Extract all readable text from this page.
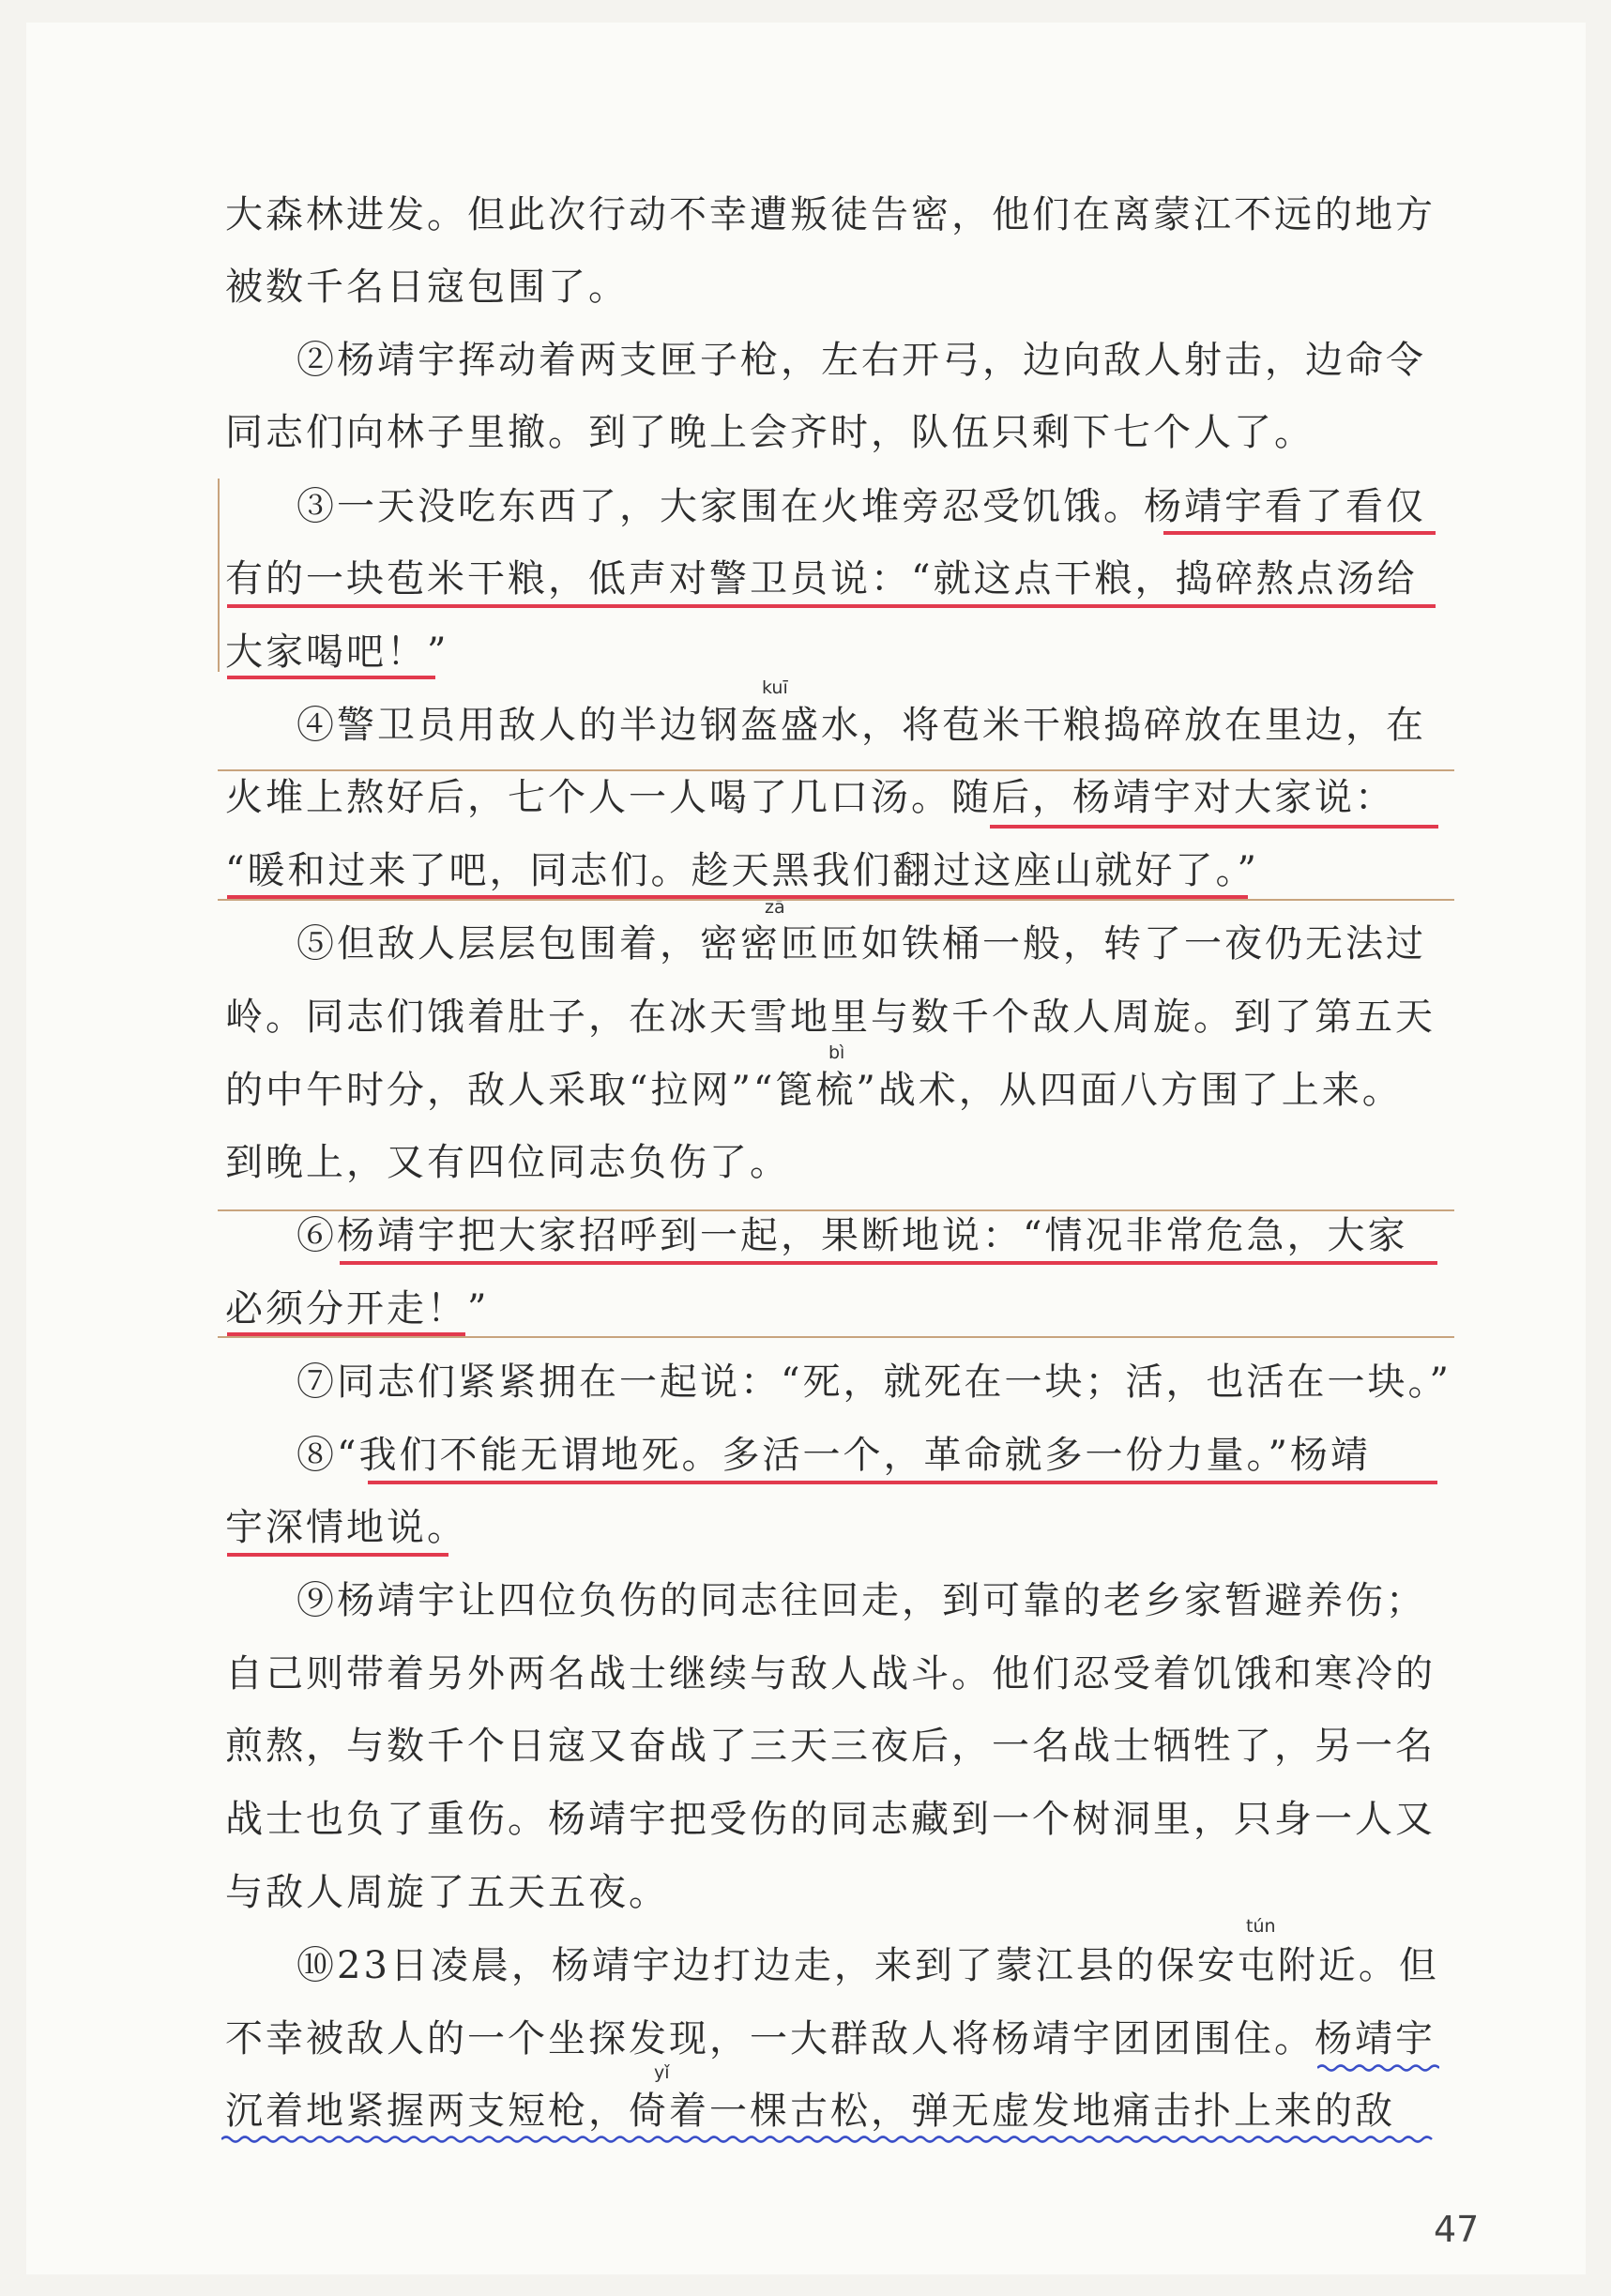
大森林进发。但此次行动不幸遭叛徒告密，他们在离蒙江不远的地方
被数千名日寇包围了。
②杨靖宇挥动着两支匣子枪，左右开弓，边向敌人射击，边命令
同志们向林子里撤。到了晚上会齐时，队伍只剩下七个人了。
③一天没吃东西了，大家围在火堆旁忍受饥饿。杨靖宇看了看仅
有的一块苞米干粮，低声对警卫员说：“就这点干粮，捣碎熬点汤给
大家喝吧！”
④警卫员用敌人的半边钢盔盛水，将苞米干粮捣碎放在里边，在
火堆上熬好后，七个人一人喝了几口汤。随后，杨靖宇对大家说：
“暖和过来了吧，同志们。趁天黑我们翻过这座山就好了。”
⑤但敌人层层包围着，密密匝匝如铁桶一般，转了一夜仍无法过
岭。同志们饿着肚子，在冰天雪地里与数千个敌人周旋。到了第五天
的中午时分，敌人采取“拉网”“篦梳”战术，从四面八方围了上来。
到晚上，又有四位同志负伤了。
⑥杨靖宇把大家招呼到一起，果断地说：“情况非常危急，大家
必须分开走！”
⑦同志们紧紧拥在一起说：“死，就死在一块；活，也活在一块。”
⑧“我们不能无谓地死。多活一个，革命就多一份力量。”杨靖
宇深情地说。
⑨杨靖宇让四位负伤的同志往回走，到可靠的老乡家暂避养伤；
自己则带着另外两名战士继续与敌人战斗。他们忍受着饥饿和寒冷的
煎熬，与数千个日寇又奋战了三天三夜后，一名战士牺牲了，另一名
战士也负了重伤。杨靖宇把受伤的同志藏到一个树洞里，只身一人又
与敌人周旋了五天五夜。
⑩23日凌晨，杨靖宇边打边走，来到了蒙江县的保安屯附近。但
不幸被敌人的一个坐探发现，一大群敌人将杨靖宇团团围住。杨靖宇
沉着地紧握两支短枪，倚着一棵古松，弹无虚发地痛击扑上来的敌
kuī
zā
bì
tún
yǐ
47
